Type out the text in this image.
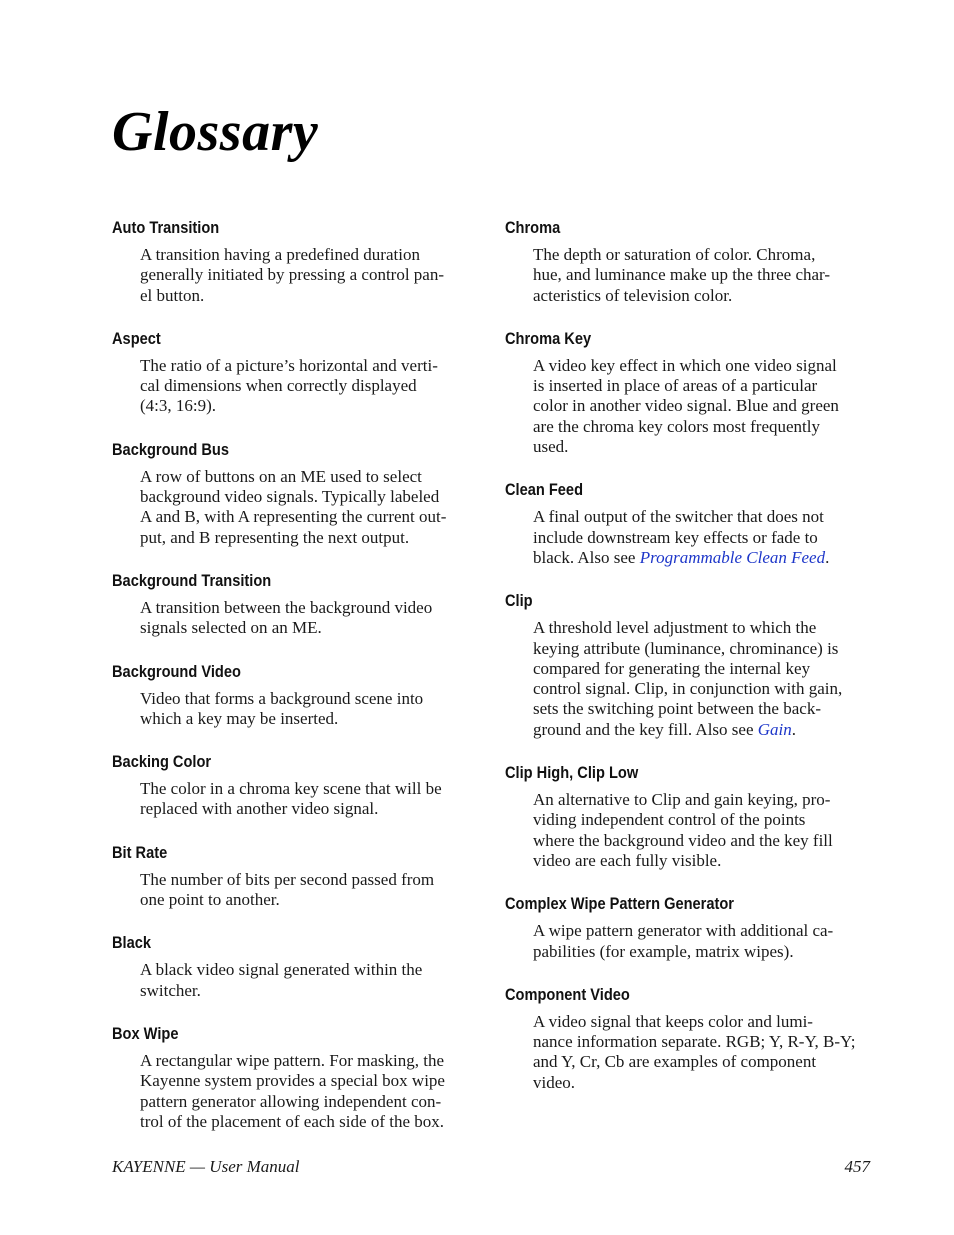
Glossary
Auto Transition
A transition having a predefined duration
generally initiated by pressing a control pan-
el button.
Aspect
The ratio of a picture’s horizontal and verti-
cal dimensions when correctly displayed
(4:3, 16:9).
Background Bus
A row of buttons on an ME used to select
background video signals. Typically labeled
A and B, with A representing the current out-
put, and B representing the next output.
Background Transition
A transition between the background video
signals selected on an ME.
Background Video
Video that forms a background scene into
which a key may be inserted.
Backing Color
The color in a chroma key scene that will be
replaced with another video signal.
Bit Rate
The number of bits per second passed from
one point to another.
Black
A black video signal generated within the
switcher.
Box Wipe
A rectangular wipe pattern. For masking, the
Kayenne system provides a special box wipe
pattern generator allowing independent con-
trol of the placement of each side of the box.
Chroma
The depth or saturation of color. Chroma,
hue, and luminance make up the three char-
acteristics of television color.
Chroma Key
A video key effect in which one video signal
is inserted in place of areas of a particular
color in another video signal. Blue and green
are the chroma key colors most frequently
used.
Clean Feed
A final output of the switcher that does not
include downstream key effects or fade to
black. Also see Programmable Clean Feed.
Clip
A threshold level adjustment to which the
keying attribute (luminance, chrominance) is
compared for generating the internal key
control signal. Clip, in conjunction with gain,
sets the switching point between the back-
ground and the key fill. Also see Gain.
Clip High, Clip Low
An alternative to Clip and gain keying, pro-
viding independent control of the points
where the background video and the key fill
video are each fully visible.
Complex Wipe Pattern Generator
A wipe pattern generator with additional ca-
pabilities (for example, matrix wipes).
Component Video
A video signal that keeps color and lumi-
nance information separate. RGB; Y, R-Y, B-Y;
and Y, Cr, Cb are examples of component
video.
KAYENNE — User Manual	457
